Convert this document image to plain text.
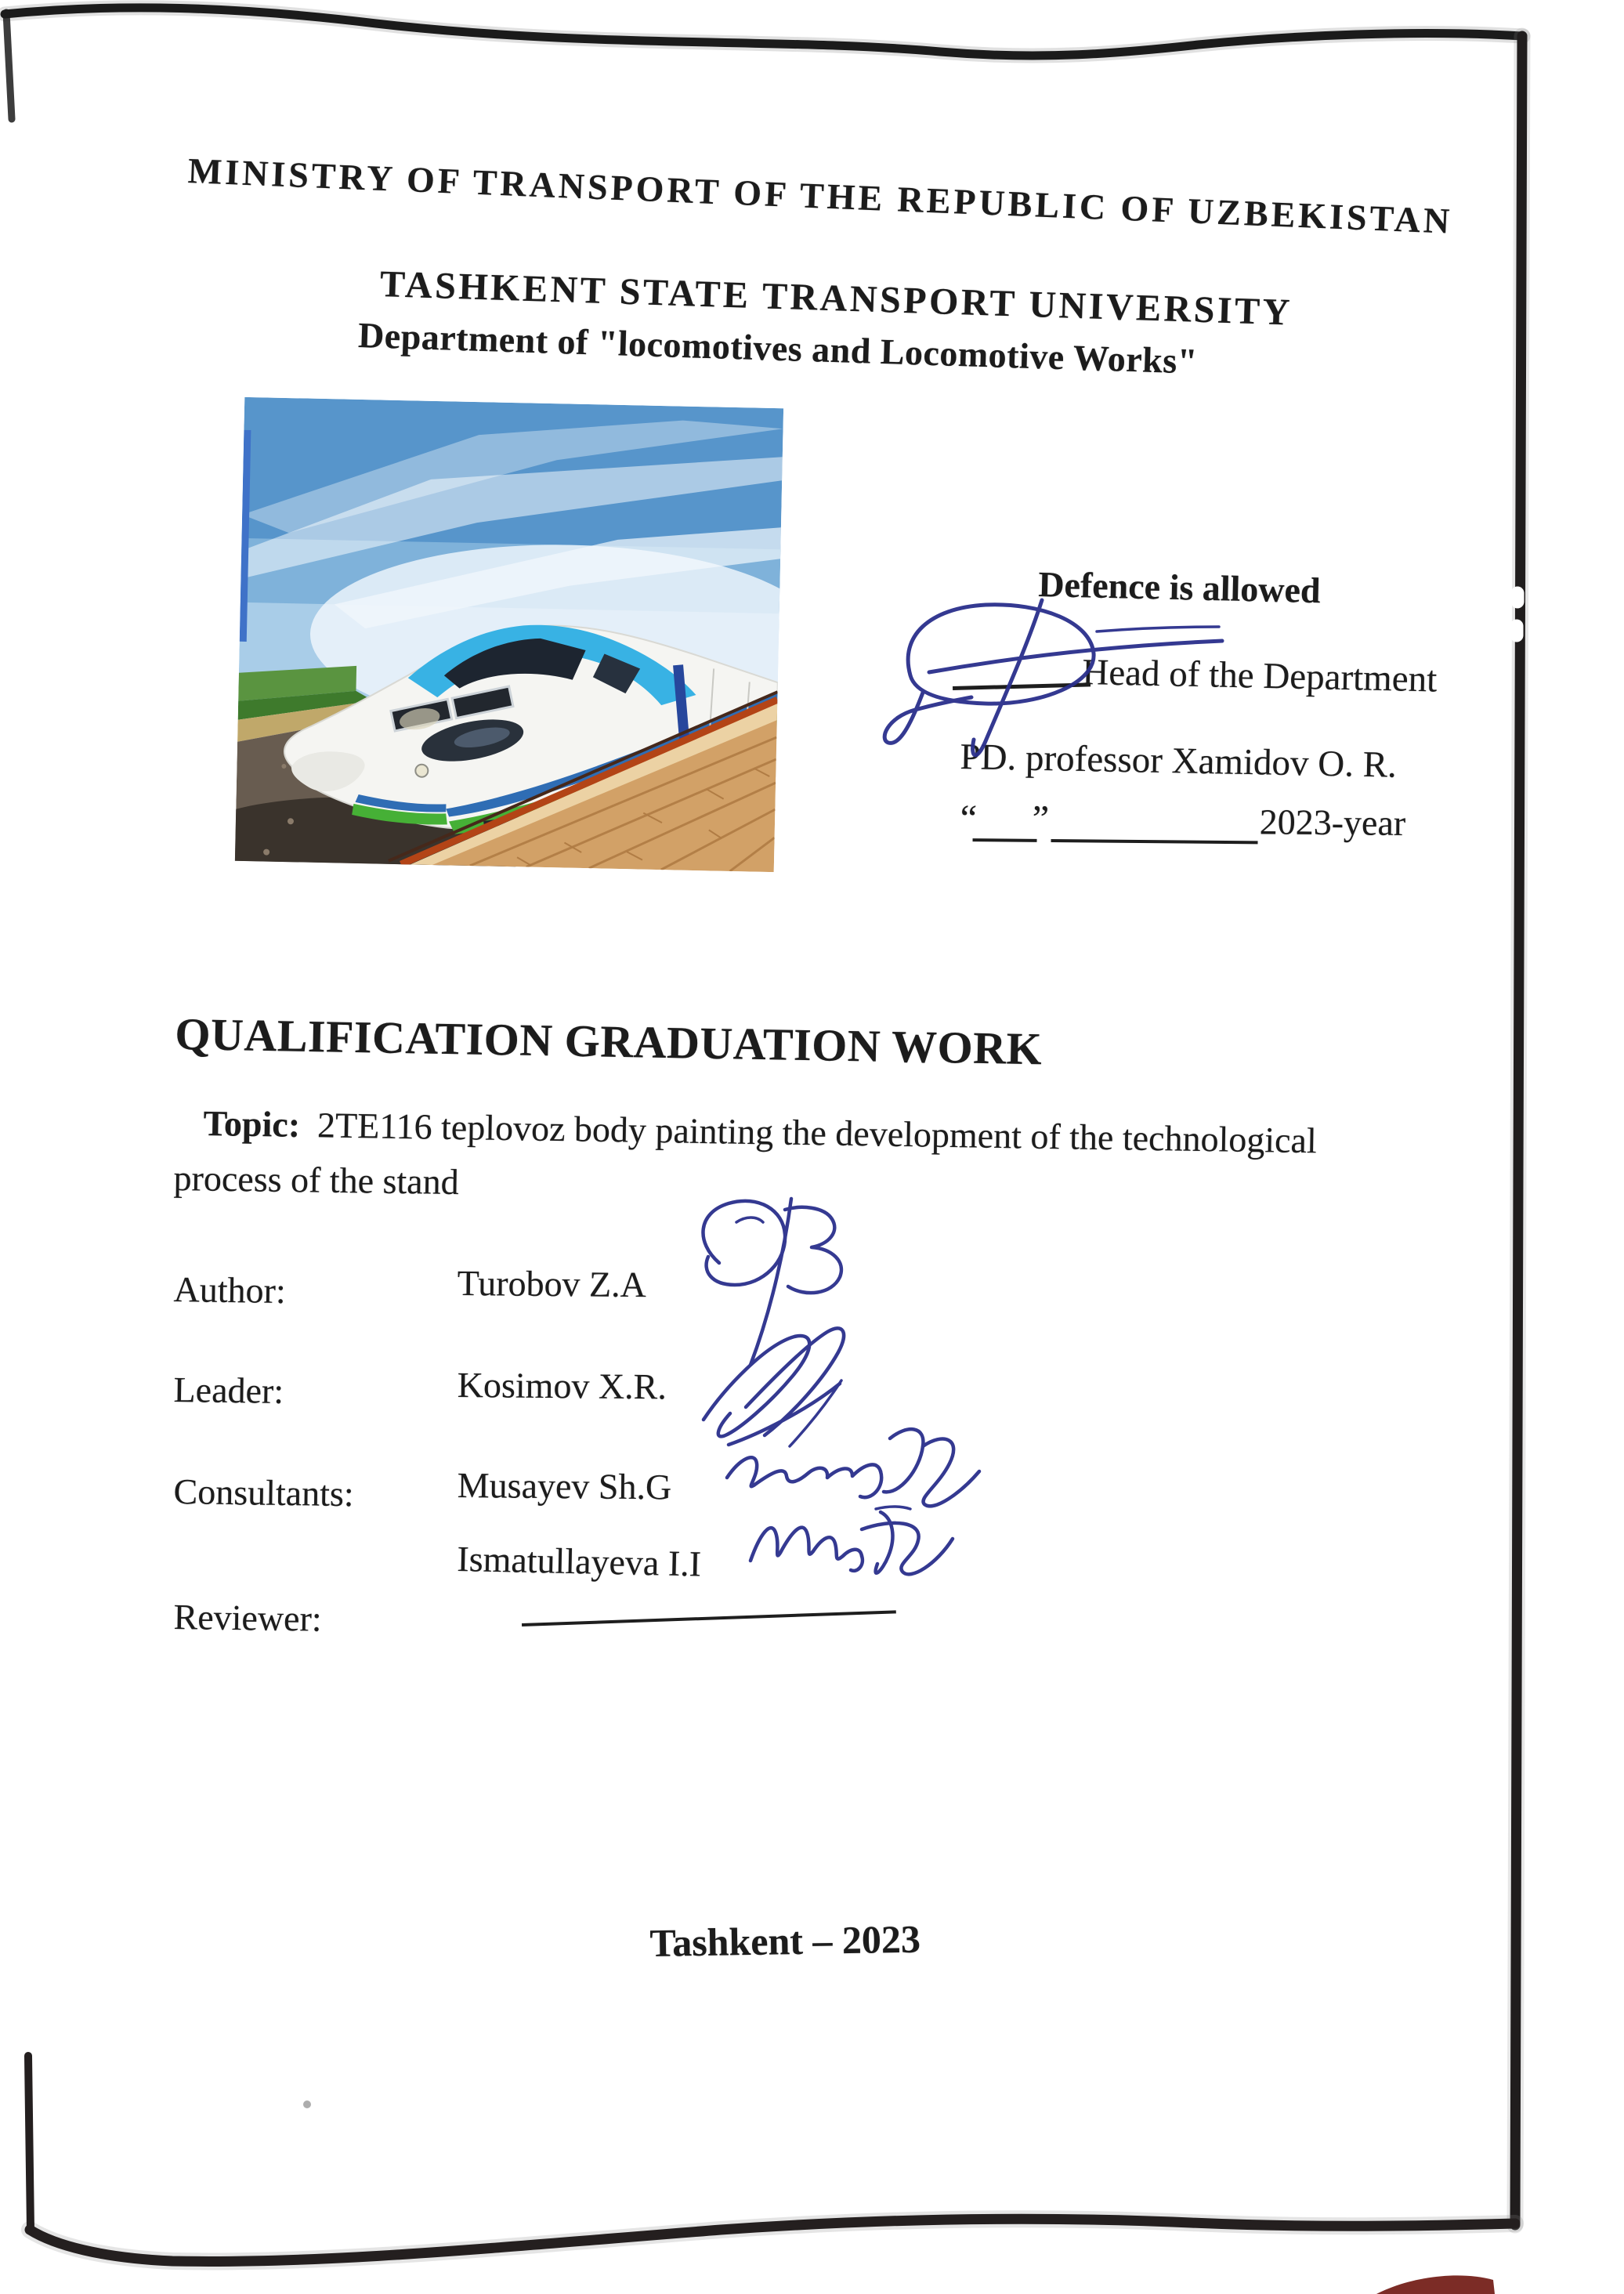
MINISTRY OF TRANSPORT OF THE REPUBLIC OF UZBEKISTAN
TASHKENT STATE TRANSPORT UNIVERSITY
Department of "locomotives and Locomotive Works"
Defence is allowed
Head of the Department
PD. professor Xamidov O. R.
“ ”	2023-year
QUALIFICATION GRADUATION WORK
Topic: 2TE116 teplovoz body painting the development of the technological
process of the stand
Author:	Turobov Z.A
Leader:	Kosimov X.R.
Consultants:	Musayev Sh.G
Ismatullayeva I.I
Reviewer:
Tashkent – 2023
